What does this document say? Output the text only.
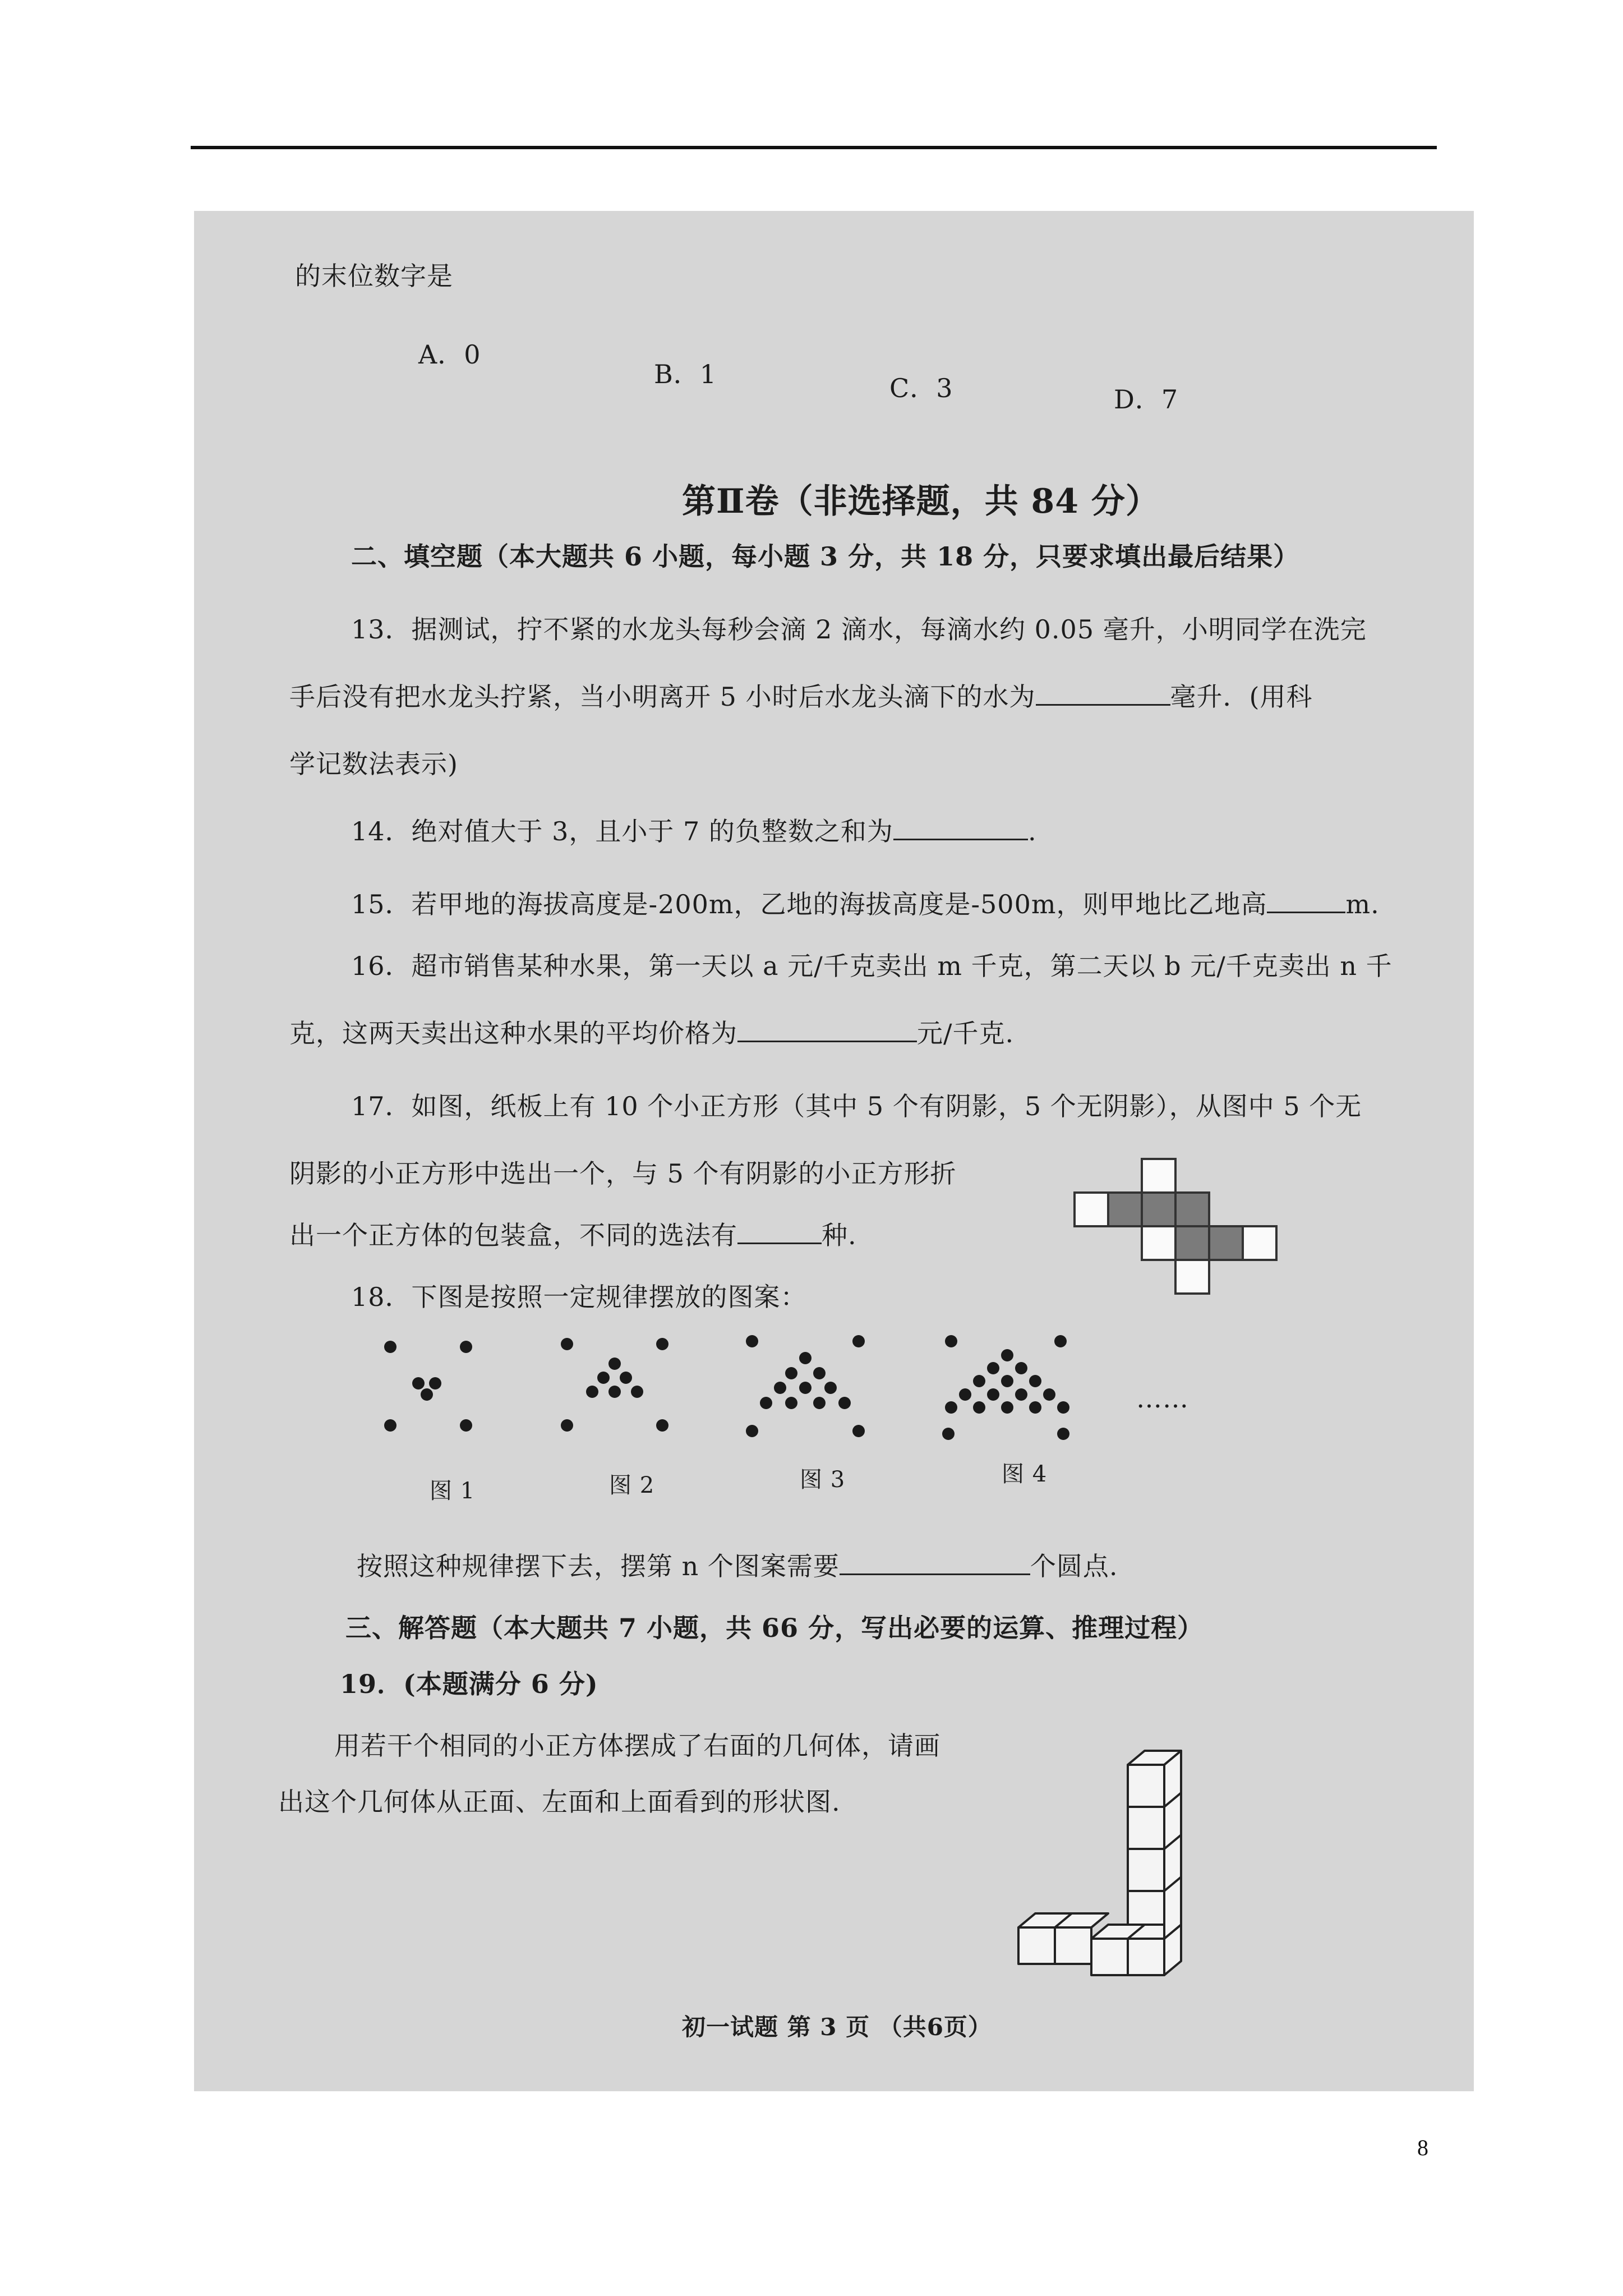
的末位数字是
A．0
B．1	C．3	D．7
第Ⅱ卷（非选择题，共 84 分）
二、填空题（本大题共 6 小题，每小题 3 分，共 18 分，只要求填出最后结果）
13．据测试，拧不紧的水龙头每秒会滴 2 滴水，每滴水约 0.05 毫升，小明同学在洗完
手后没有把水龙头拧紧，当小明离开 5 小时后水龙头滴下的水为	毫升．(用科
学记数法表示)
14．绝对值大于 3，且小于 7 的负整数之和为	.
15．若甲地的海拔高度是-200m，乙地的海拔高度是-500m，则甲地比乙地高	m.
16．超市销售某种水果，第一天以 a 元/千克卖出 m 千克，第二天以 b 元/千克卖出 n 千
克，这两天卖出这种水果的平均价格为	元/千克.
17．如图，纸板上有 10 个小正方形（其中 5 个有阴影，5 个无阴影），从图中 5 个无
阴影的小正方形中选出一个，与 5 个有阴影的小正方形折
出一个正方体的包装盒，不同的选法有	种.
18．下图是按照一定规律摆放的图案：
……
图 1	图 2	图 3	图 4
按照这种规律摆下去，摆第 n 个图案需要	个圆点.
三、解答题（本大题共 7 小题，共 66 分，写出必要的运算、推理过程）
19．(本题满分 6 分)
用若干个相同的小正方体摆成了右面的几何体，请画
出这个几何体从正面、左面和上面看到的形状图.
初一试题 第 3 页 （共6页）
8
